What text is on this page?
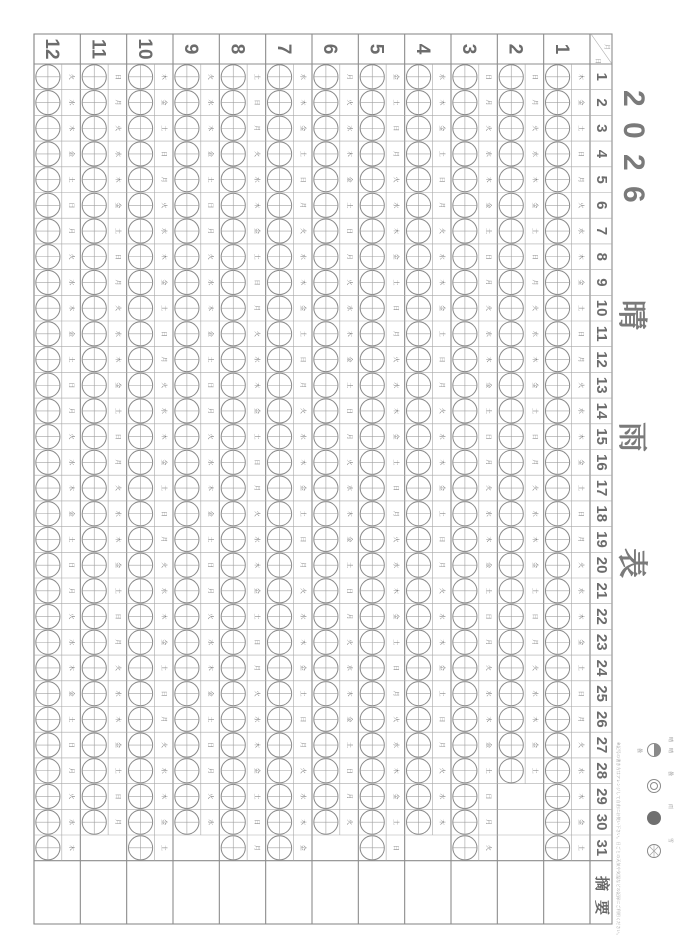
1
2
3
4
5
6
7
8
9
10
11
12
木
金
土
日
月
火
水
木
金
土
日
月
火
水
木
金
土
日
月
火
水
木
金
土
日
月
火
水
木
金
土
日
月
火
水
木
金
土
日
月
火
水
木
金
土
日
月
火
水
木
金
土
日
月
火
水
木
金
土
日
月
火
水
木
金
土
日
月
火
水
木
金
土
日
月
火
水
木
金
土
日
月
火
水
木
金
土
日
月
火
水
木
金
土
日
月
火
水
木
金
土
日
月
火
水
木
金
土
日
月
火
水
木
金
土
日
月
火
水
木
金
土
日
月
火
水
木
金
土
日
月
火
水
木
金
土
日
月
火
水
木
金
土
日
月
火
水
木
金
土
日
月
火
水
木
金
土
日
月
火
水
木
金
土
日
月
火
水
木
金
土
日
月
火
水
木
金
土
日
月
火
水
木
金
土
日
月
火
水
木
金
土
日
月
火
水
木
金
土
日
月
火
水
木
金
土
日
月
火
水
木
金
土
日
月
火
水
木
金
土
日
月
火
水
木
金
土
日
月
火
水
木
金
土
日
月
火
水
木
金
土
日
月
火
水
木
金
土
日
月
火
水
木
金
土
日
月
火
水
木
金
土
日
月
火
水
木
金
土
日
月
火
水
木
金
土
日
月
火
水
木
金
土
日
月
火
水
木
金
土
日
月
火
水
木
金
土
日
月
火
水
木
金
土
日
月
火
水
木
金
土
日
月
火
水
木
金
土
日
月
火
水
木
金
土
日
月
火
水
木
金
土
日
月
火
水
木
金
土
日
月
火
水
木
金
土
日
月
火
水
木
金
土
日
月
火
水
木
金
土
日
月
火
水
木
1
2
3
4
5
6
7
8
9
10
11
12
13
14
15
16
17
18
19
20
21
22
23
24
25
26
27
28
29
30
31
月
日
摘
要
2
0
2
6
晴
雨
表
晴
曇	晴
曇
雨
雪
※記号の書き方はアレンジして自由にお使い下さい。日ごとの天気や気温などの記録にご利用ください。
